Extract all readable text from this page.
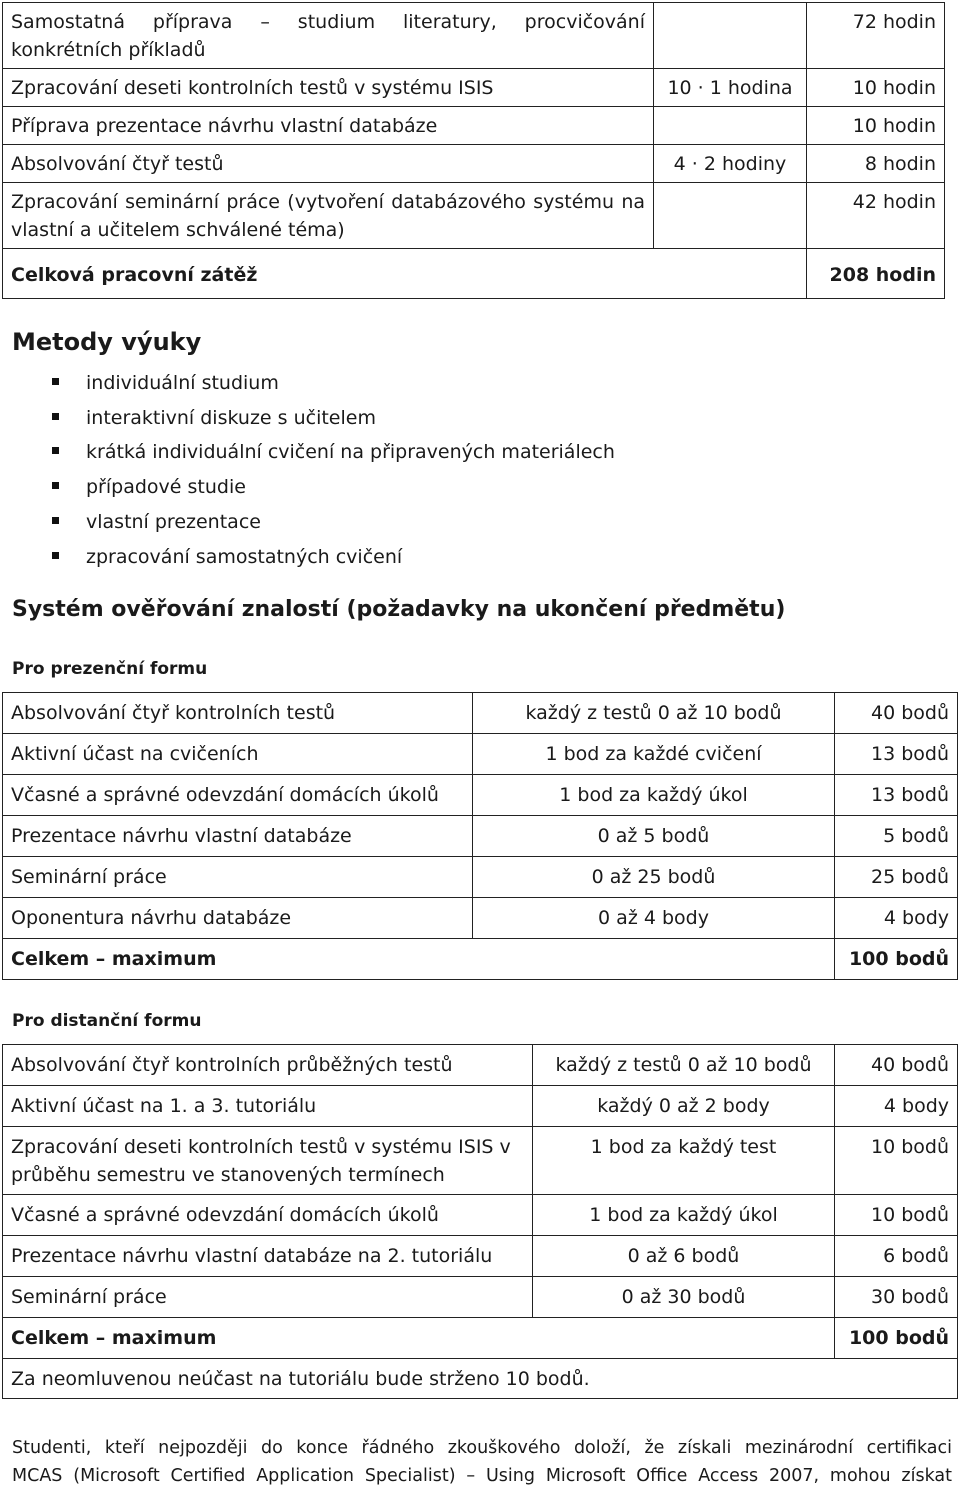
Samostatná příprava – studium literatury, procvičování konkrétních příkladů		72 hodin
Zpracování deseti kontrolních testů v systému ISIS	10 · 1 hodina	10 hodin
Příprava prezentace návrhu vlastní databáze		10 hodin
Absolvování čtyř testů	4 · 2 hodiny	8 hodin
Zpracování seminární práce (vytvoření databázového systému na vlastní a učitelem schválené téma)		42 hodin
Celková pracovní zátěž		208 hodin
Metody výuky
individuální studium
interaktivní diskuze s učitelem
krátká individuální cvičení na připravených materiálech
případové studie
vlastní prezentace
zpracování samostatných cvičení
Systém ověřování znalostí (požadavky na ukončení předmětu)
Pro prezenční formu
Absolvování čtyř kontrolních testů	každý z testů 0 až 10 bodů	40 bodů
Aktivní účast na cvičeních	1 bod za každé cvičení	13 bodů
Včasné a správné odevzdání domácích úkolů	1 bod za každý úkol	13 bodů
Prezentace návrhu vlastní databáze	0 až 5 bodů	5 bodů
Seminární práce	0 až 25 bodů	25 bodů
Oponentura návrhu databáze	0 až 4 body	4 body
Celkem – maximum		100 bodů
Pro distanční formu
Absolvování čtyř kontrolních průběžných testů	každý z testů 0 až 10 bodů	40 bodů
Aktivní účast na 1. a 3. tutoriálu	každý 0 až 2 body	4 body
Zpracování deseti kontrolních testů v systému ISIS v průběhu semestru ve stanovených termínech	1 bod za každý test	10 bodů
Včasné a správné odevzdání domácích úkolů	1 bod za každý úkol	10 bodů
Prezentace návrhu vlastní databáze na 2. tutoriálu	0 až 6 bodů	6 bodů
Seminární práce	0 až 30 bodů	30 bodů
Celkem – maximum		100 bodů
Za neomluvenou neúčast na tutoriálu bude strženo 10 bodů.		
Studenti, kteří nejpozději do konce řádného zkouškového doloží, že získali mezinárodní certifikaci
MCAS (Microsoft Certified Application Specialist) – Using Microsoft Office Access 2007, mohou získat
